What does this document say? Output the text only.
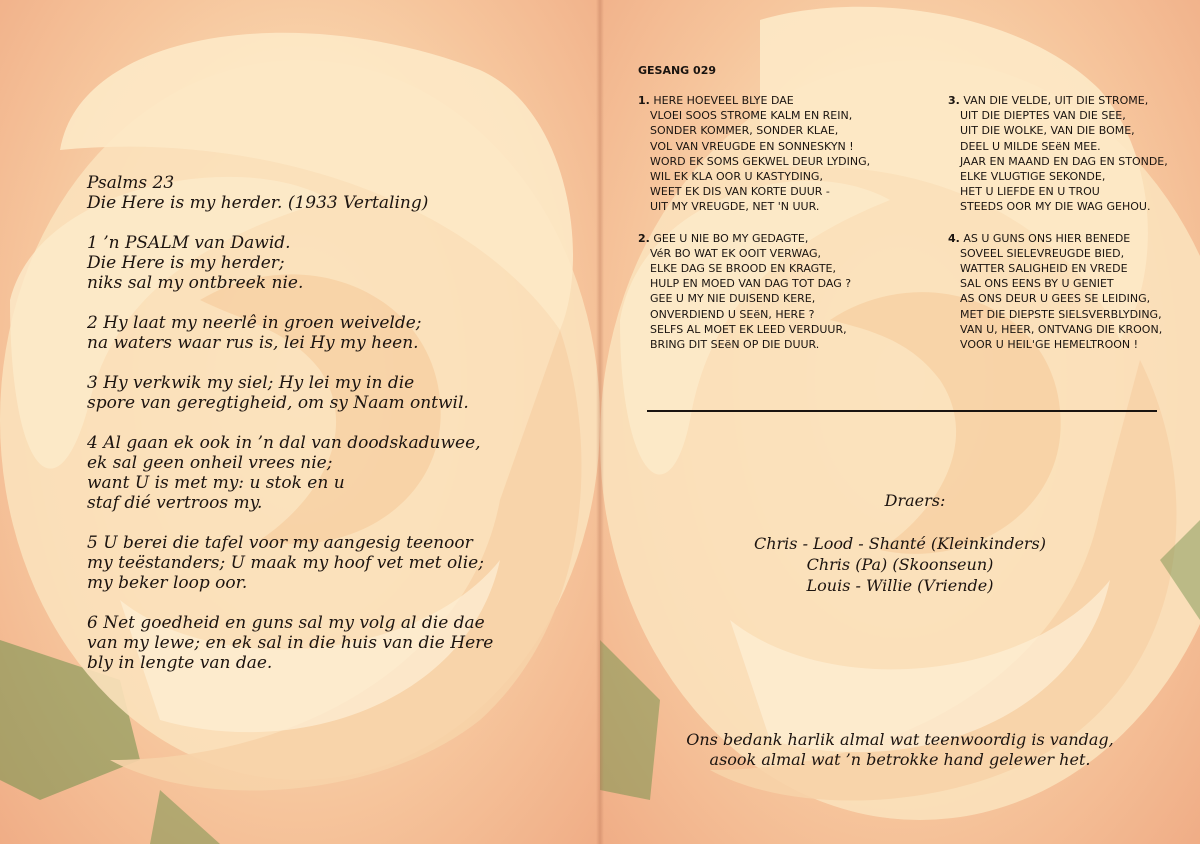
Psalms 23
Die Here is my herder. (1933 Vertaling)
1 ’n PSALM van Dawid.
Die Here is my herder;
niks sal my ontbreek nie.
2 Hy laat my neerlê in groen weivelde;
na waters waar rus is, lei Hy my heen.
3 Hy verkwik my siel; Hy lei my in die
spore van geregtigheid, om sy Naam ontwil.
4 Al gaan ek ook in ’n dal van doodskaduwee,
ek sal geen onheil vrees nie;
want U is met my: u stok en u
staf dié vertroos my.
5 U berei die tafel voor my aangesig teenoor
my teëstanders; U maak my hoof vet met olie;
my beker loop oor.
6 Net goedheid en guns sal my volg al die dae
van my lewe; en ek sal in die huis van die Here
bly in lengte van dae.
GESANG 029
1. HERE HOEVEEL BLYE DAE
VLOEI SOOS STROME KALM EN REIN,
SONDER KOMMER, SONDER KLAE,
VOL VAN VREUGDE EN SONNESKYN !
WORD EK SOMS GEKWEL DEUR LYDING,
WIL EK KLA OOR U KASTYDING,
WEET EK DIS VAN KORTE DUUR -
UIT MY VREUGDE, NET 'N UUR.
2. GEE U NIE BO MY GEDAGTE,
VéR BO WAT EK OOIT VERWAG,
ELKE DAG SE BROOD EN KRAGTE,
HULP EN MOED VAN DAG TOT DAG ?
GEE U MY NIE DUISEND KERE,
ONVERDIEND U SEëN, HERE ?
SELFS AL MOET EK LEED VERDUUR,
BRING DIT SEëN OP DIE DUUR.
3. VAN DIE VELDE, UIT DIE STROME,
UIT DIE DIEPTES VAN DIE SEE,
UIT DIE WOLKE, VAN DIE BOME,
DEEL U MILDE SEëN MEE.
JAAR EN MAAND EN DAG EN STONDE,
ELKE VLUGTIGE SEKONDE,
HET U LIEFDE EN U TROU
STEEDS OOR MY DIE WAG GEHOU.
4. AS U GUNS ONS HIER BENEDE
SOVEEL SIELEVREUGDE BIED,
WATTER SALIGHEID EN VREDE
SAL ONS EENS BY U GENIET
AS ONS DEUR U GEES SE LEIDING,
MET DIE DIEPSTE SIELSVERBLYDING,
VAN U, HEER, ONTVANG DIE KROON,
VOOR U HEIL'GE HEMELTROON !
Draers:
Chris - Lood - Shanté (Kleinkinders)
Chris (Pa) (Skoonseun)
Louis - Willie (Vriende)
Ons bedank harlik almal wat teenwoordig is vandag,
asook almal wat ’n betrokke hand gelewer het.
